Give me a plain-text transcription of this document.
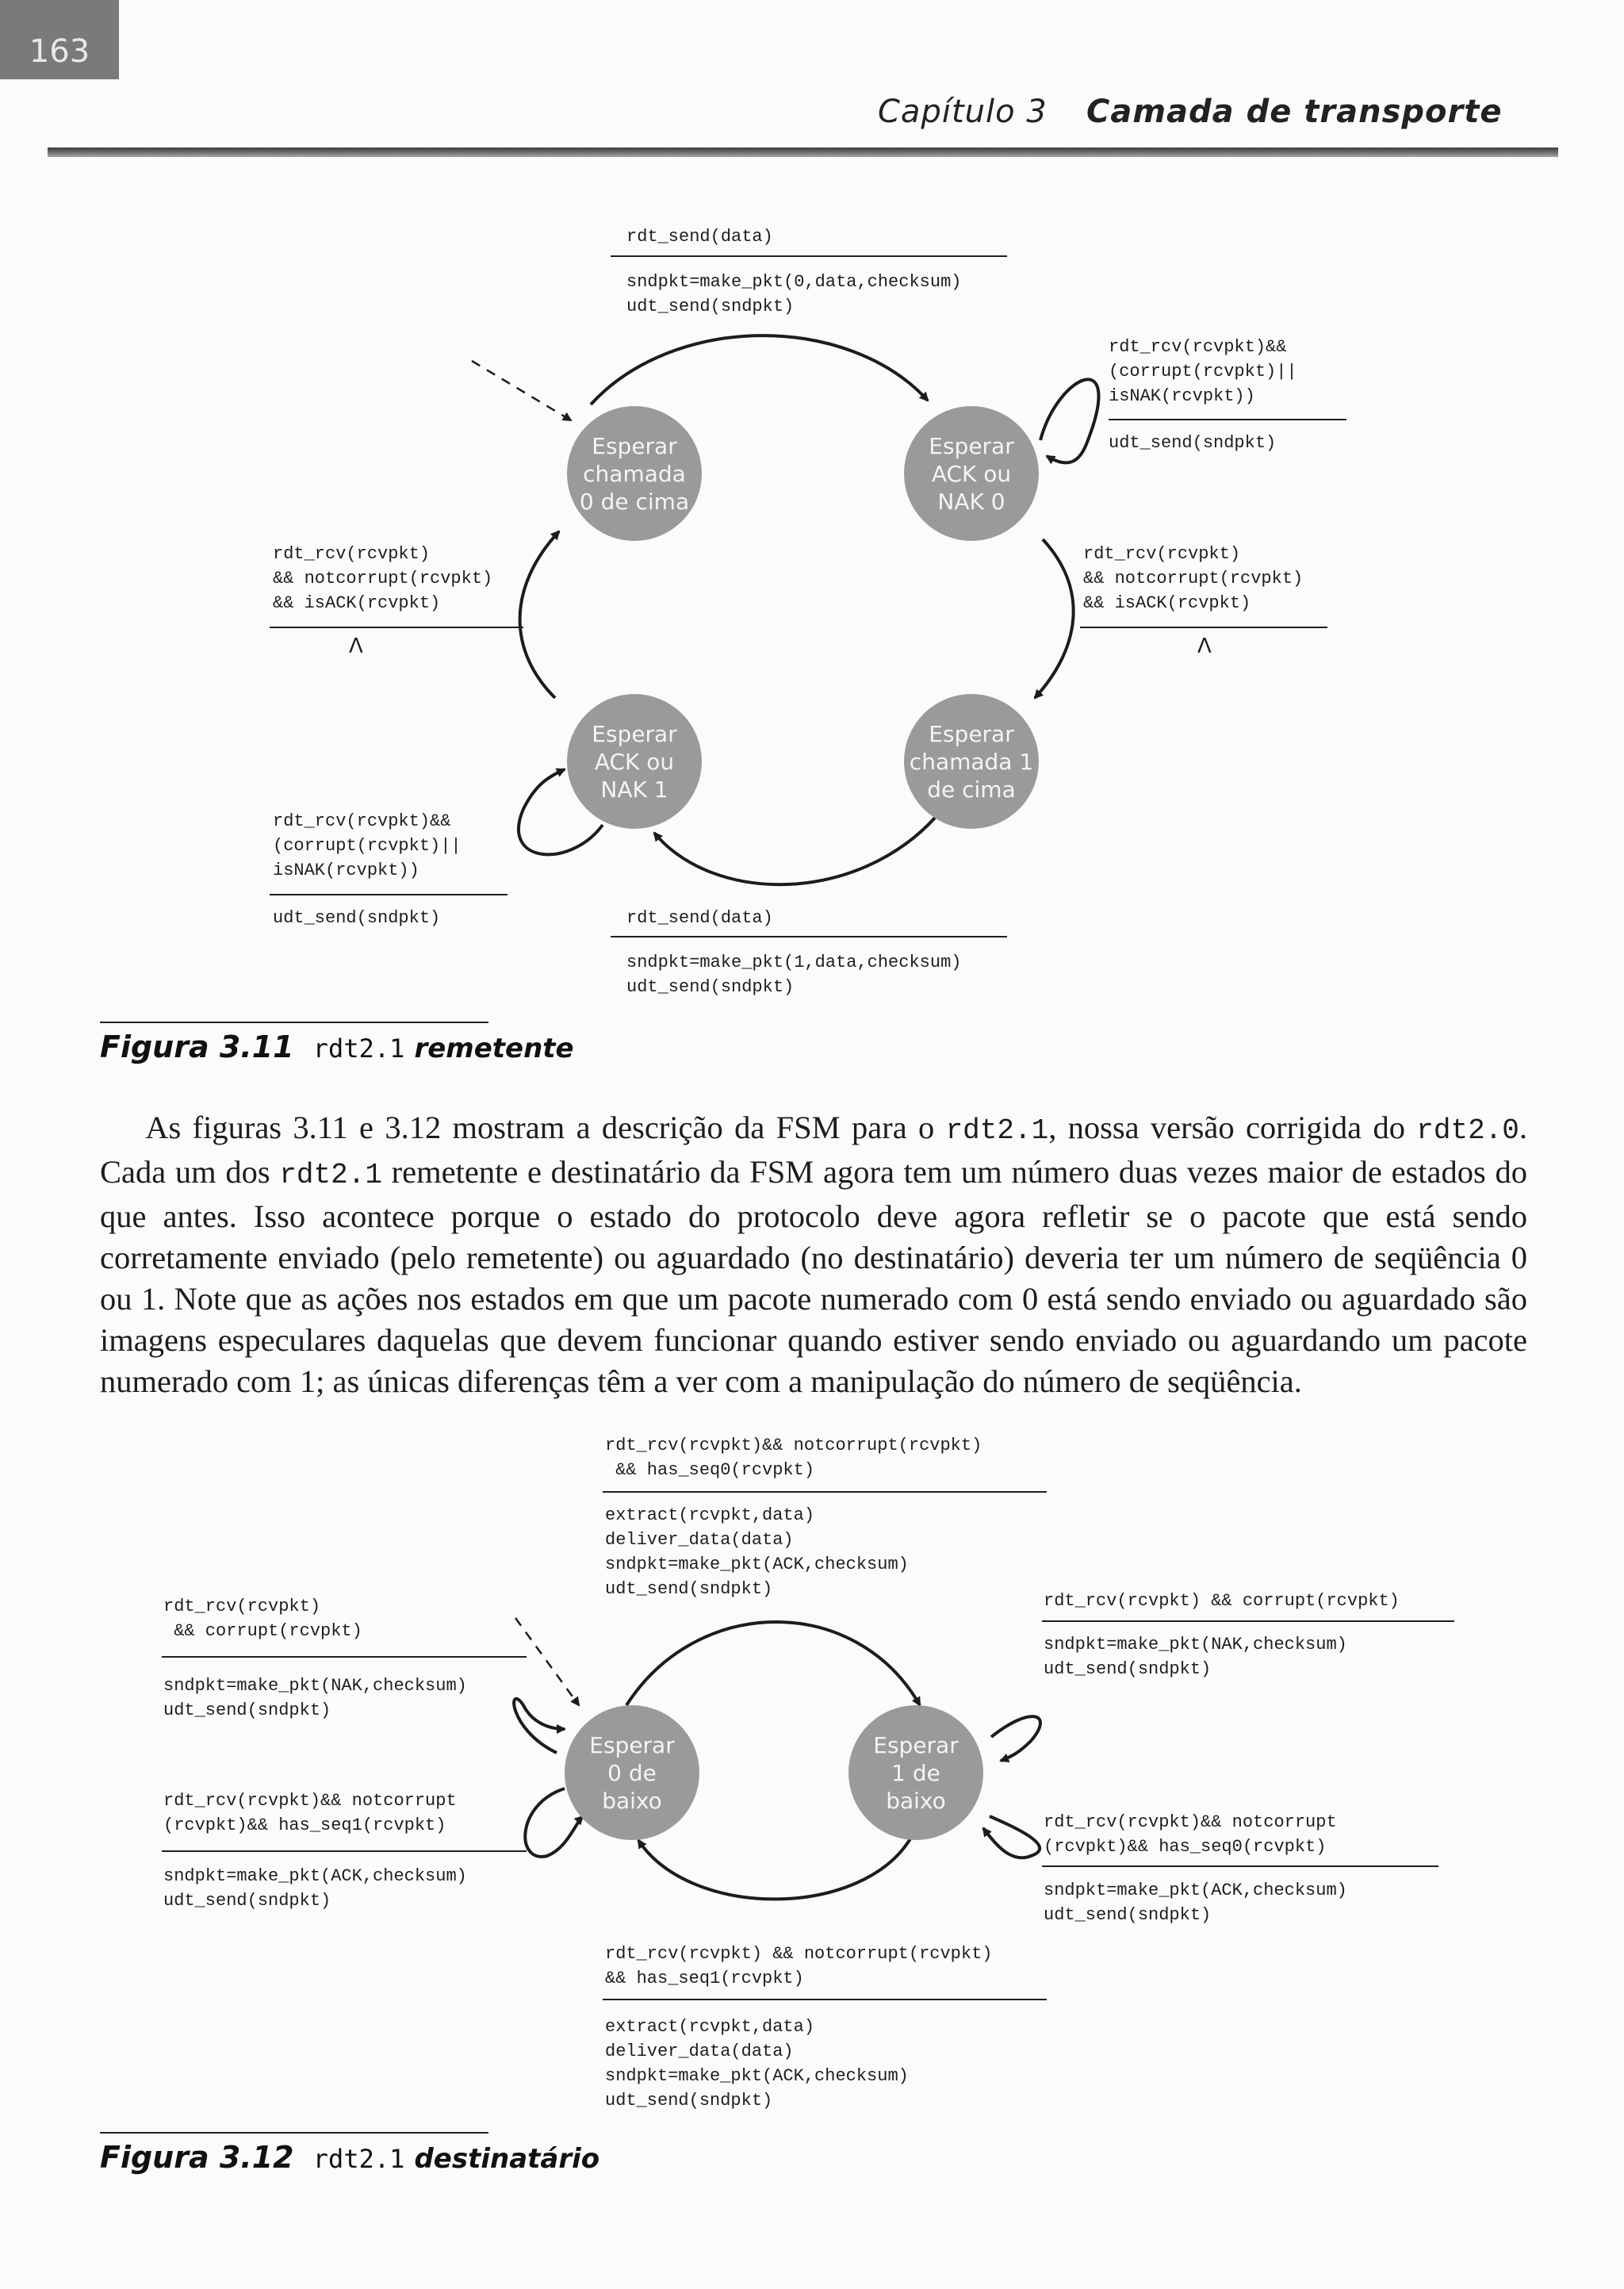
Capítulo 3 Camada de transporte
163
Esperar
chamada
0 de cima
Esperar
ACK ou
NAK 0
Esperar
ACK ou
NAK 1
Esperar
chamada 1
de cima
rdt_send(data)
sndpkt=make_pkt(0,data,checksum)
udt_send(sndpkt)
rdt_rcv(rcvpkt)&&
(corrupt(rcvpkt)||
isNAK(rcvpkt))
udt_send(sndpkt)
rdt_rcv(rcvpkt)
&& notcorrupt(rcvpkt)
&& isACK(rcvpkt)
Λ
rdt_rcv(rcvpkt)
&& notcorrupt(rcvpkt)
&& isACK(rcvpkt)
Λ
rdt_rcv(rcvpkt)&&
(corrupt(rcvpkt)||
isNAK(rcvpkt))
udt_send(sndpkt)	rdt_send(data)
sndpkt=make_pkt(1,data,checksum)
udt_send(sndpkt)
Figura 3.11 rdt2.1 remetente
As figuras 3.11 e 3.12 mostram a descrição da FSM para o rdt2.1, nossa versão corrigida do rdt2.0. Cada um dos rdt2.1 remetente e destinatário da FSM agora tem um número duas vezes maior de estados do que antes. Isso acontece porque o estado do protocolo deve agora refletir se o pacote que está sendo corretamente enviado (pelo remetente) ou aguardado (no destinatário) deveria ter um número de seqüência 0 ou 1. Note que as ações nos estados em que um pacote numerado com 0 está sendo enviado ou aguardado são imagens especulares daquelas que devem funcionar quando estiver sendo enviado ou aguardando um pacote numerado com 1; as únicas diferenças têm a ver com a manipulação do número de seqüência.
Esperar
0 de
baixo
Esperar
1 de
baixo
rdt_rcv(rcvpkt)&& notcorrupt(rcvpkt)
&& has_seq0(rcvpkt)
extract(rcvpkt,data)
deliver_data(data)
sndpkt=make_pkt(ACK,checksum)
udt_send(sndpkt)
rdt_rcv(rcvpkt)
&& corrupt(rcvpkt)
sndpkt=make_pkt(NAK,checksum)
udt_send(sndpkt)
rdt_rcv(rcvpkt)&& notcorrupt
(rcvpkt)&& has_seq1(rcvpkt)
sndpkt=make_pkt(ACK,checksum)
udt_send(sndpkt)
rdt_rcv(rcvpkt) && corrupt(rcvpkt)
sndpkt=make_pkt(NAK,checksum)
udt_send(sndpkt)
rdt_rcv(rcvpkt)&& notcorrupt
(rcvpkt)&& has_seq0(rcvpkt)
sndpkt=make_pkt(ACK,checksum)
udt_send(sndpkt)
rdt_rcv(rcvpkt) && notcorrupt(rcvpkt)
&& has_seq1(rcvpkt)
extract(rcvpkt,data)
deliver_data(data)
sndpkt=make_pkt(ACK,checksum)
udt_send(sndpkt)
Figura 3.12 rdt2.1 destinatário
